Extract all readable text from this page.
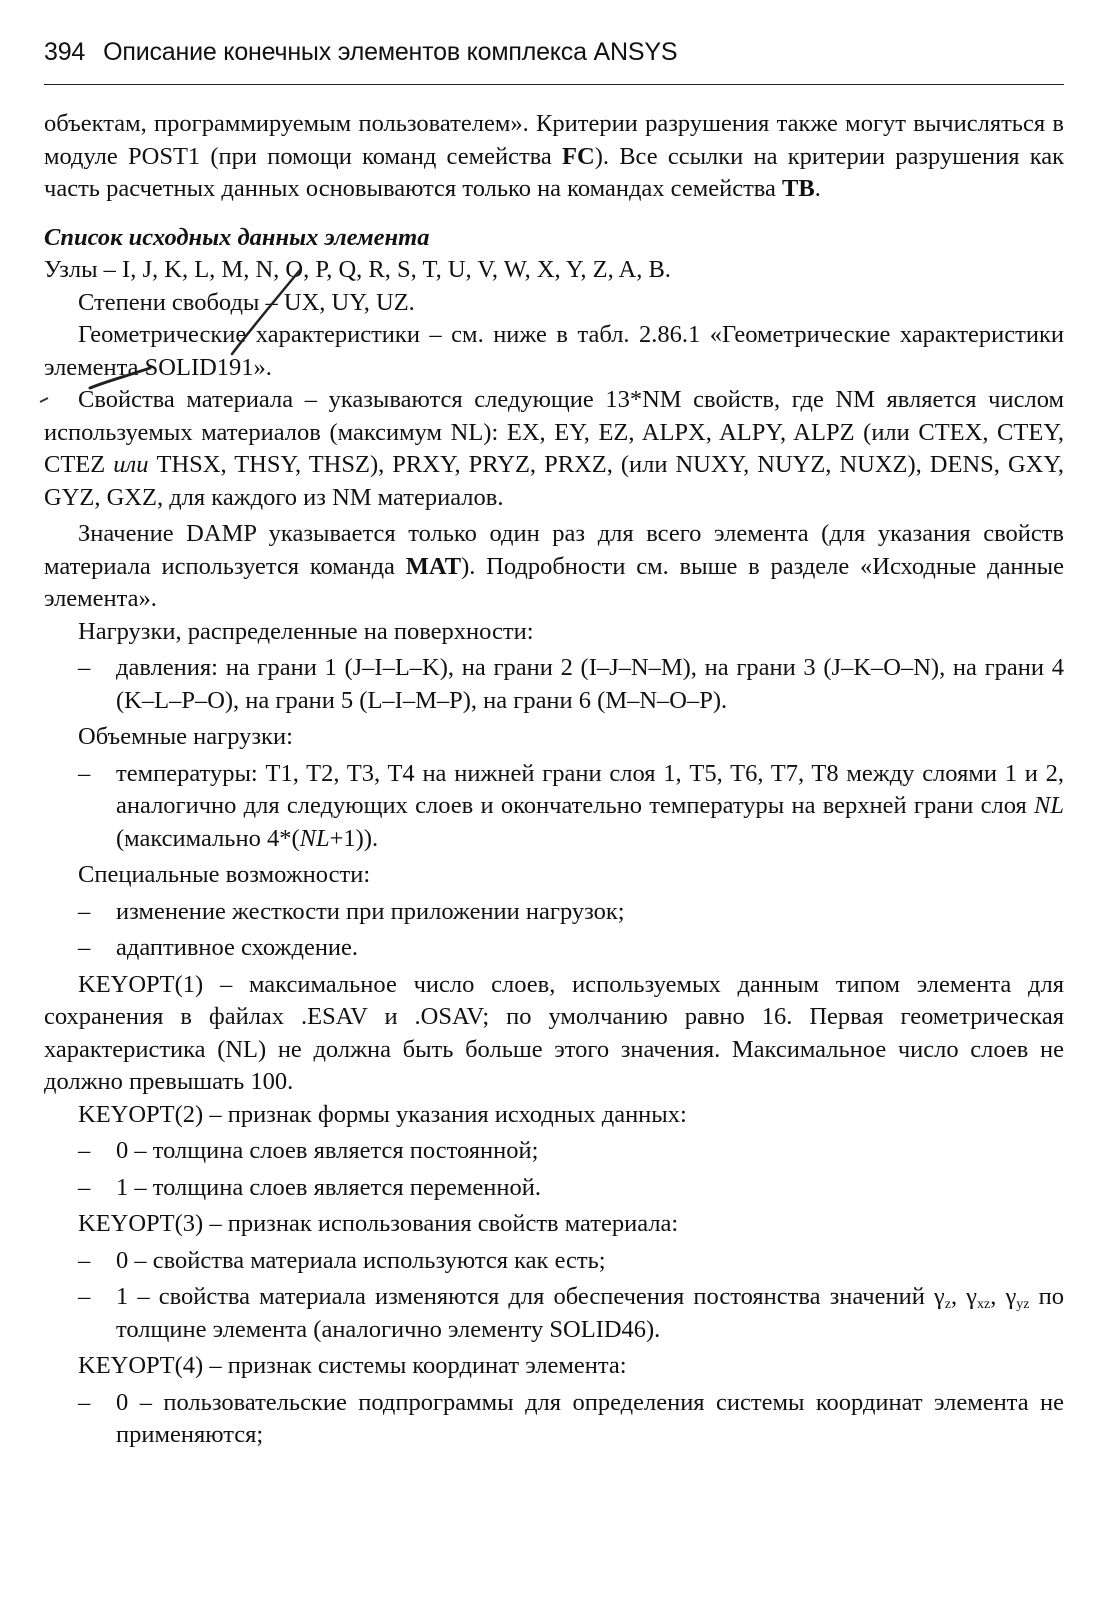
394 Описание конечных элементов комплекса ANSYS

объектам, программируемым пользователем». Критерии разрушения также могут вычисляться в модуле POST1 (при помощи команд семейства FC). Все ссылки на критерии разрушения как часть расчетных данных основываются только на командах семейства TB.

Список исходных данных элемента

Узлы – I, J, K, L, M, N, O, P, Q, R, S, T, U, V, W, X, Y, Z, A, B.

Степени свободы – UX, UY, UZ.

Геометрические характеристики – см. ниже в табл. 2.86.1 «Геометрические характеристики элемента SOLID191».

Свойства материала – указываются следующие 13*NM свойств, где NM является числом используемых материалов (максимум NL): EX, EY, EZ, ALPX, ALPY, ALPZ (или CTEX, CTEY, CTEZ или THSX, THSY, THSZ), PRXY, PRYZ, PRXZ, (или NUXY, NUYZ, NUXZ), DENS, GXY, GYZ, GXZ, для каждого из NM материалов.

Значение DAMP указывается только один раз для всего элемента (для указания свойств материала используется команда MAT). Подробности см. выше в разделе «Исходные данные элемента».

Нагрузки, распределенные на поверхности:

– давления: на грани 1 (J–I–L–K), на грани 2 (I–J–N–M), на грани 3 (J–K–O–N), на грани 4 (K–L–P–O), на грани 5 (L–I–M–P), на грани 6 (M–N–O–P).

Объемные нагрузки:

– температуры: T1, T2, T3, T4 на нижней грани слоя 1, T5, T6, T7, T8 между слоями 1 и 2, аналогично для следующих слоев и окончательно температуры на верхней грани слоя NL (максимально 4*(NL+1)).

Специальные возможности:

– изменение жесткости при приложении нагрузок;

– адаптивное схождение.

KEYOPT(1) – максимальное число слоев, используемых данным типом элемента для сохранения в файлах .ESAV и .OSAV; по умолчанию равно 16. Первая геометрическая характеристика (NL) не должна быть больше этого значения. Максимальное число слоев не должно превышать 100.

KEYOPT(2) – признак формы указания исходных данных:

– 0 – толщина слоев является постоянной;

– 1 – толщина слоев является переменной.

KEYOPT(3) – признак использования свойств материала:

– 0 – свойства материала используются как есть;

– 1 – свойства материала изменяются для обеспечения постоянства значений $\gamma_z$, $\gamma_{xz}$, $\gamma_{yz}$ по толщине элемента (аналогично элементу SOLID46).

KEYOPT(4) – признак системы координат элемента:

– 0 – пользовательские подпрограммы для определения системы координат элемента не применяются;
